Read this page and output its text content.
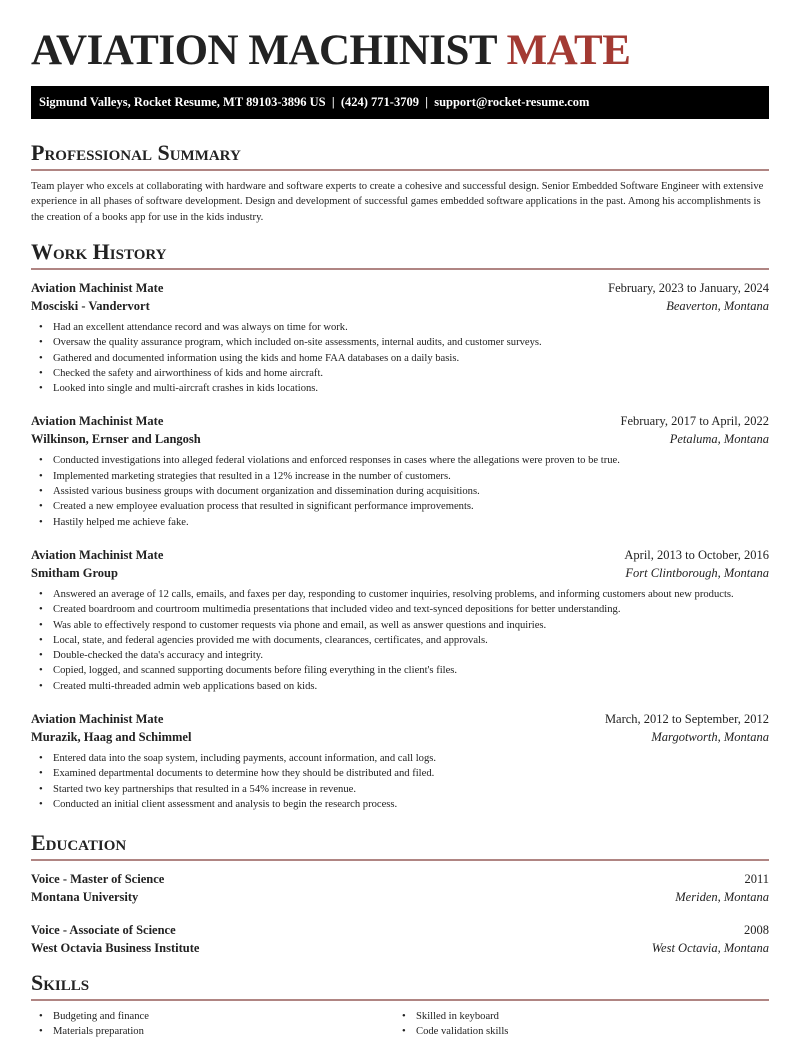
AVIATION MACHINIST MATE
Sigmund Valleys, Rocket Resume, MT 89103-3896 US  |  (424) 771-3709  |  support@rocket-resume.com
Professional Summary

Team player who excels at collaborating with hardware and software experts to create a cohesive and successful design. Senior Embedded Software Engineer with extensive experience in all phases of software development. Design and development of successful games embedded software applications in the past. Among his accomplishments is the creation of a books app for use in the kids industry.

Work History
Aviation Machinist Mate	February, 2023 to January, 2024
Mosciski - Vandervort	Beaverton, Montana
• Had an excellent attendance record and was always on time for work.
• Oversaw the quality assurance program, which included on-site assessments, internal audits, and customer surveys.
• Gathered and documented information using the kids and home FAA databases on a daily basis.
• Checked the safety and airworthiness of kids and home aircraft.
• Looked into single and multi-aircraft crashes in kids locations.
Aviation Machinist Mate	February, 2017 to April, 2022
Wilkinson, Ernser and Langosh	Petaluma, Montana
• Conducted investigations into alleged federal violations and enforced responses in cases where the allegations were proven to be true.
• Implemented marketing strategies that resulted in a 12% increase in the number of customers.
• Assisted various business groups with document organization and dissemination during acquisitions.
• Created a new employee evaluation process that resulted in significant performance improvements.
• Hastily helped me achieve fake.
Aviation Machinist Mate	April, 2013 to October, 2016
Smitham Group	Fort Clintborough, Montana
• Answered an average of 12 calls, emails, and faxes per day, responding to customer inquiries, resolving problems, and informing customers about new products.
• Created boardroom and courtroom multimedia presentations that included video and text-synced depositions for better understanding.
• Was able to effectively respond to customer requests via phone and email, as well as answer questions and inquiries.
• Local, state, and federal agencies provided me with documents, clearances, certificates, and approvals.
• Double-checked the data's accuracy and integrity.
• Copied, logged, and scanned supporting documents before filing everything in the client's files.
• Created multi-threaded admin web applications based on kids.
Aviation Machinist Mate	March, 2012 to September, 2012
Murazik, Haag and Schimmel	Margotworth, Montana
• Entered data into the soap system, including payments, account information, and call logs.
• Examined departmental documents to determine how they should be distributed and filed.
• Started two key partnerships that resulted in a 54% increase in revenue.
• Conducted an initial client assessment and analysis to begin the research process.
Education
Voice - Master of Science	2011
Montana University	Meriden, Montana
Voice - Associate of Science	2008
West Octavia Business Institute	West Octavia, Montana
Skills
• Budgeting and finance
• Materials preparation
• Skilled in keyboard
• Code validation skills
